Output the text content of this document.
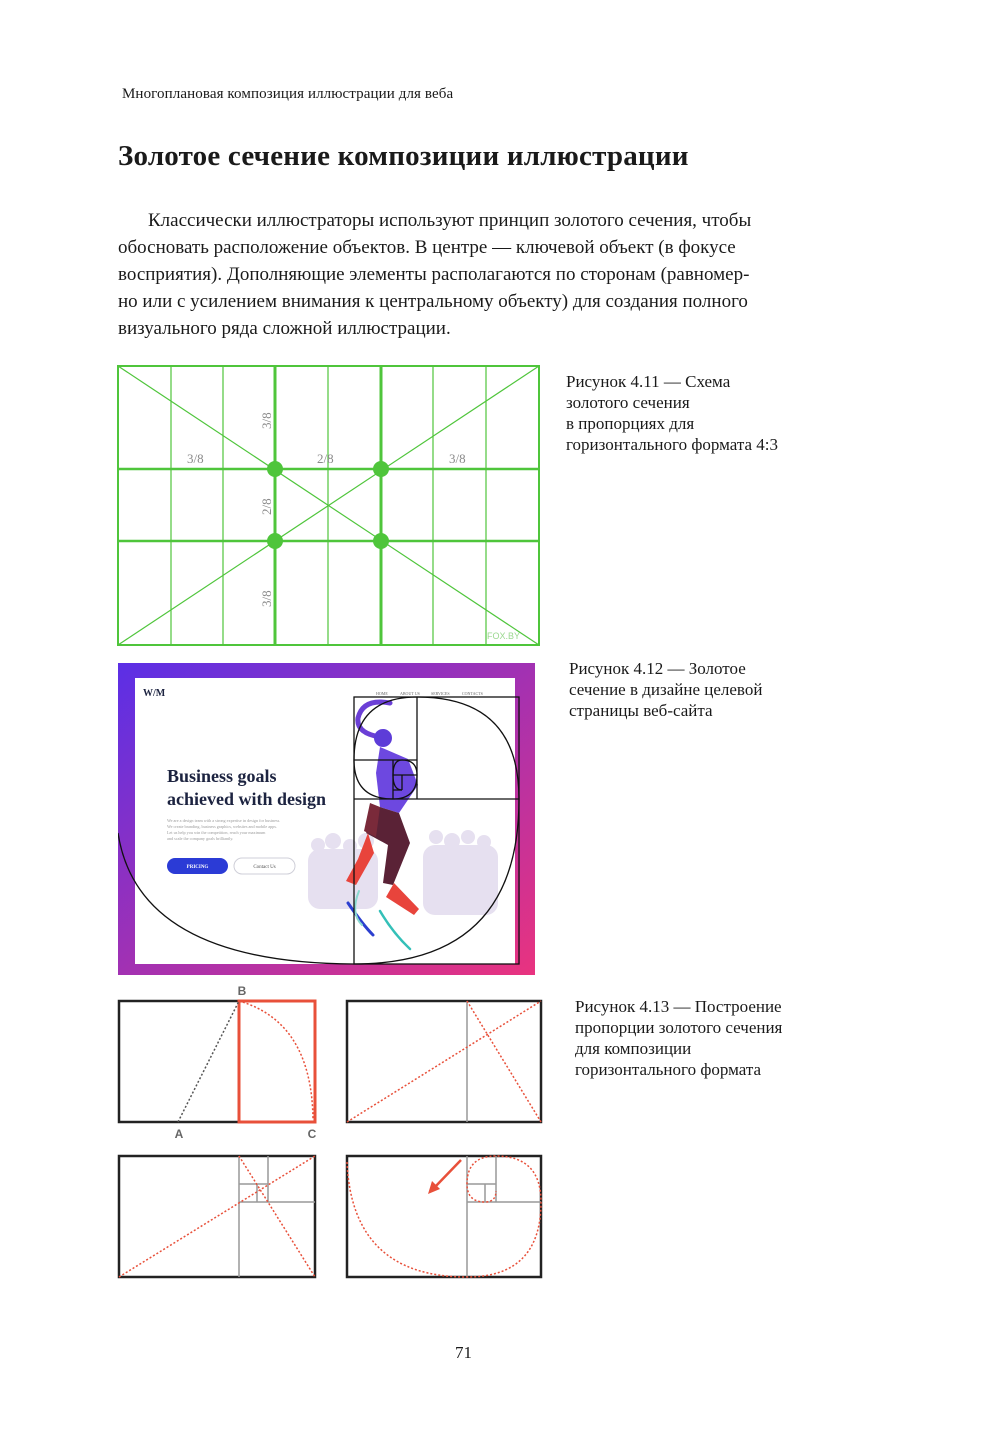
Многоплановая композиция иллюстрации для веба
Золотое сечение композиции иллюстрации

Классически иллюстраторы используют принцип золотого сечения, чтобы
обосновать расположение объектов. В центре — ключевой объект (в фокусе
восприятия). Дополняющие элементы располагаются по сторонам (равномер-
но или с усилением внимания к центральному объекту) для создания полного
визуального ряда сложной иллюстрации.

3/8	2/8	3/8
3/8
2/8
3/8
FOX.BY
Рисунок 4.11 — Схема
золотого сечения
в пропорциях для
горизонтального формата 4:3
W/M	HOME	ABOUT US	SERVICES	CONTACTS
Business goals
achieved with design
We are a design team with a strong expertise in design for business.
We create branding, business graphics, websites and mobile apps.
Let us help you win the competition, reach your maximum
and scale the company goals brilliantly.
PRICING	Contact Us
Рисунок 4.12 — Золотое
сечение в дизайне целевой
страницы веб-сайта
B
A	C
Рисунок 4.13 — Построение
пропорции золотого сечения
для композиции
горизонтального формата
71
